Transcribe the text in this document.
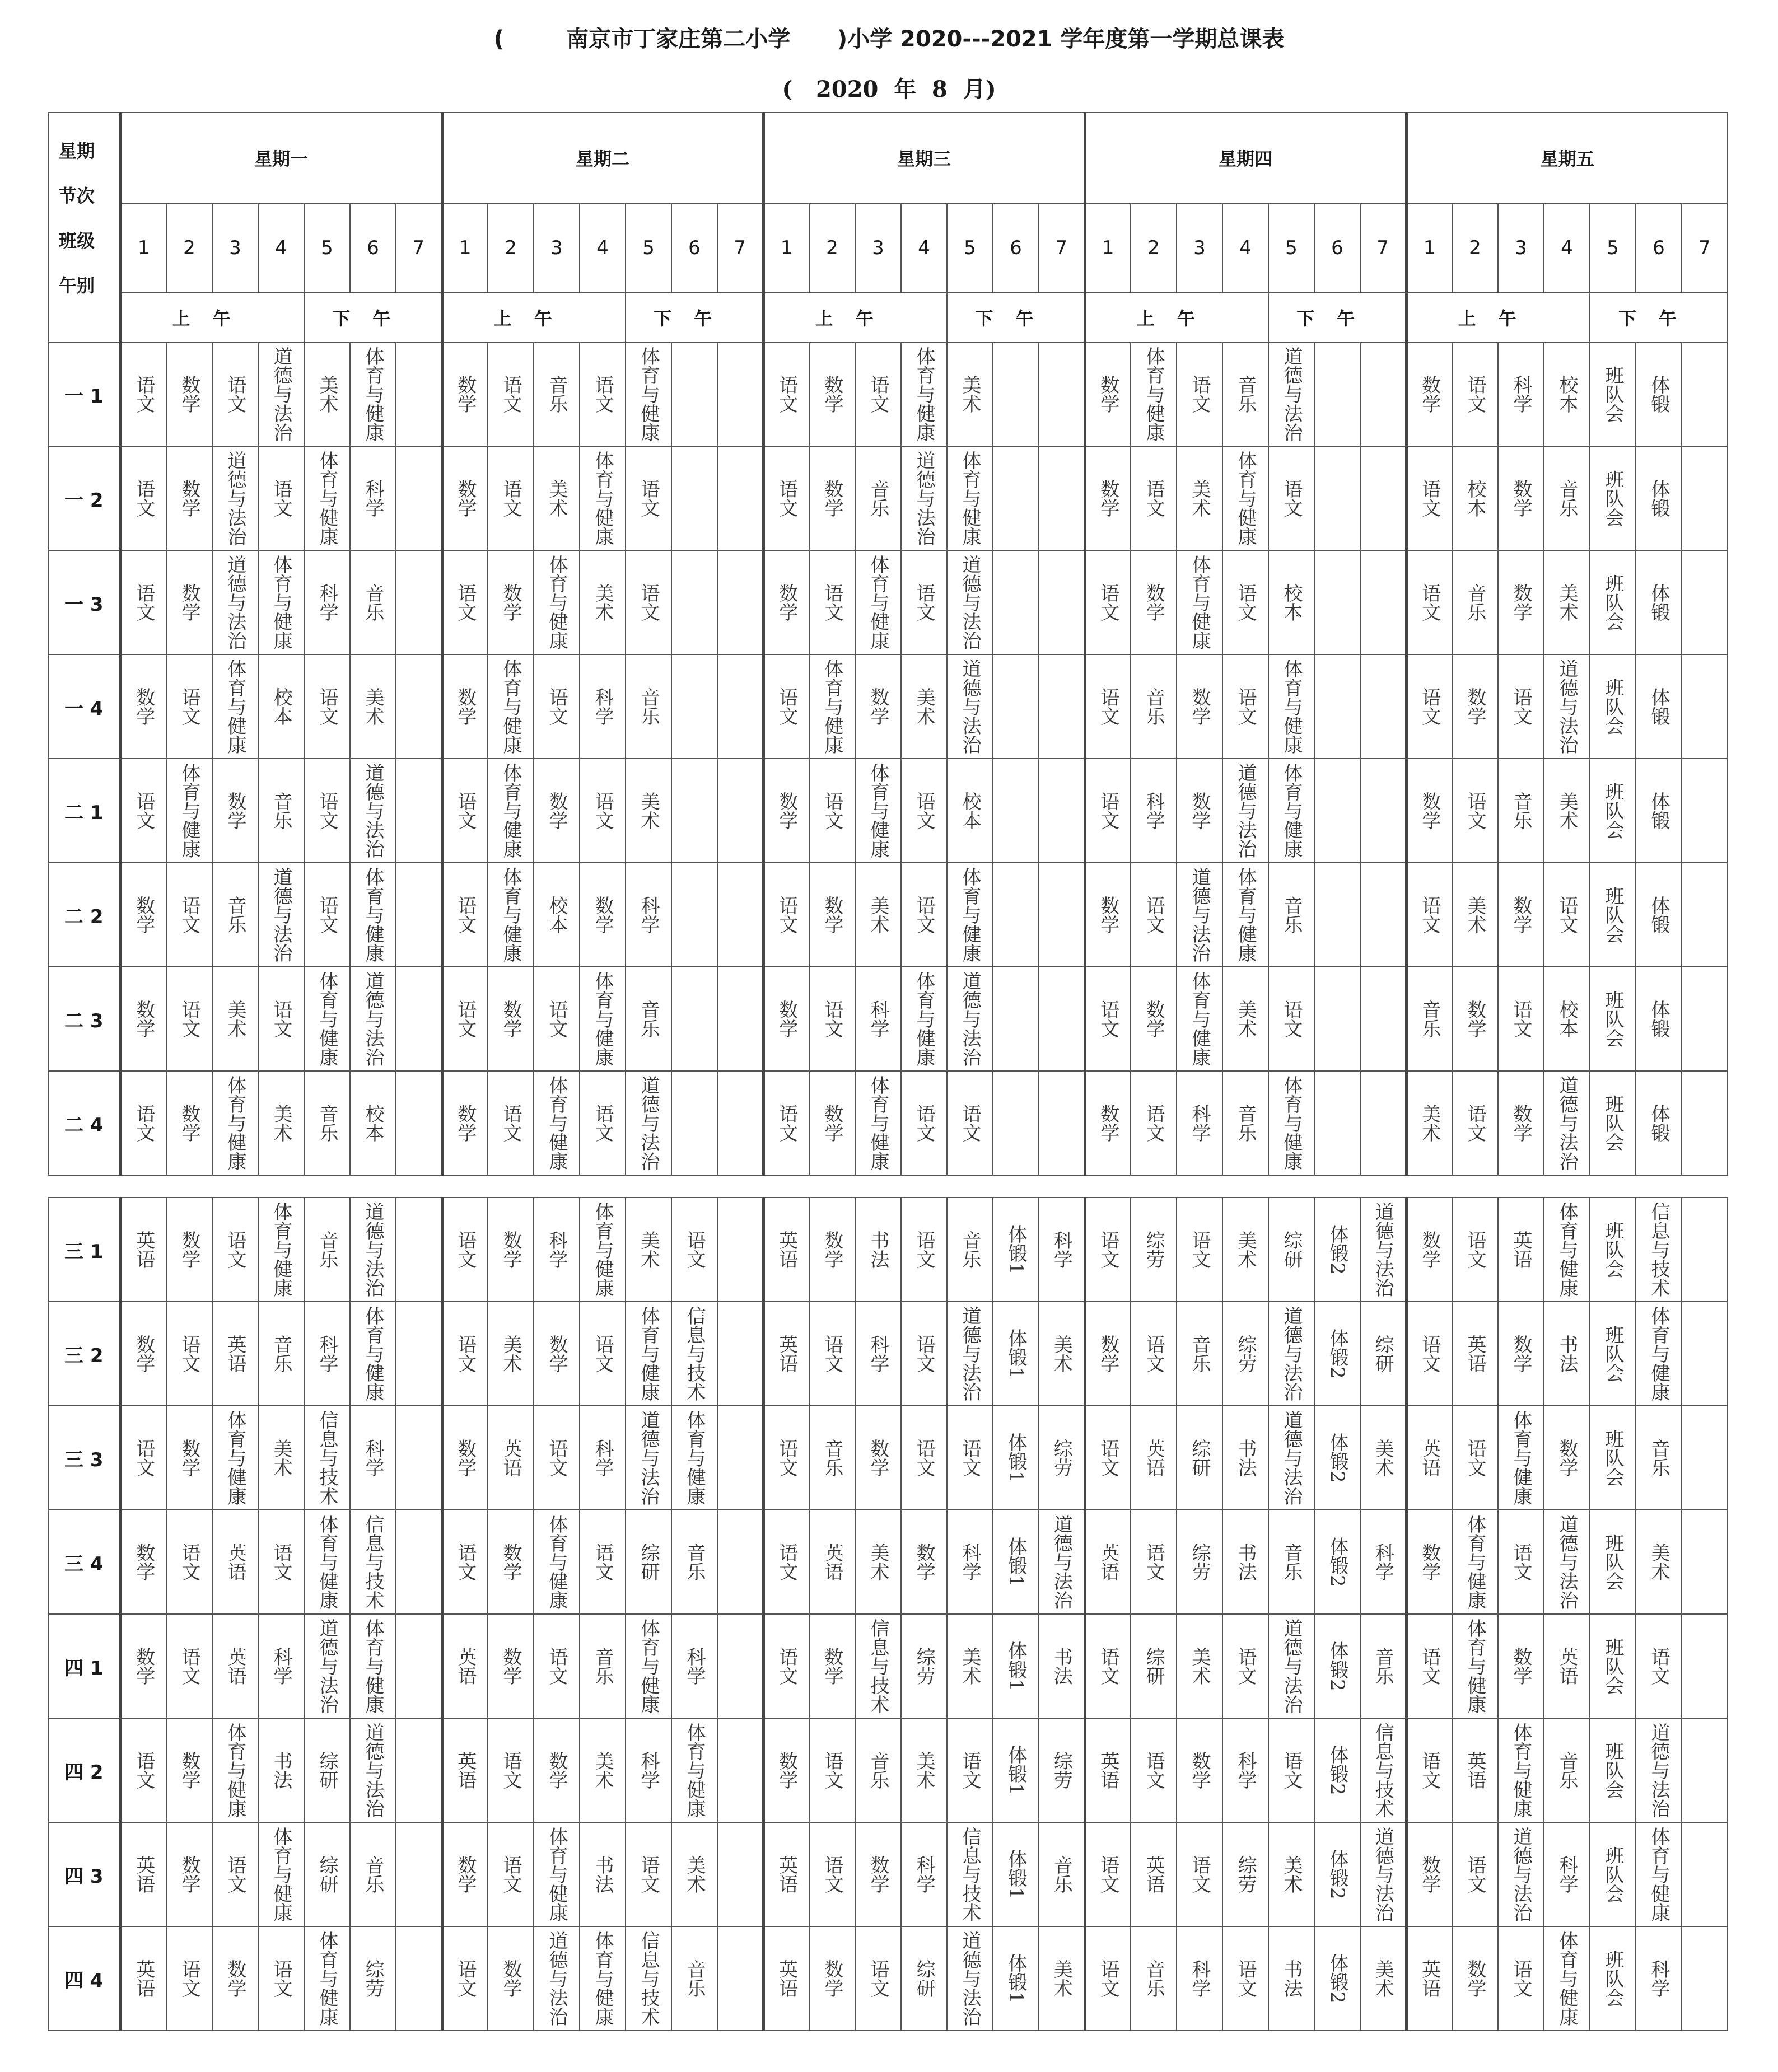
(        南京市丁家庄第二小学      )小学 2020---2021 学年度第一学期总课表
(   2020  年  8  月)
星期
节次
班级
午别	星期一							星期二							星期三							星期四							星期五						
	1	2	3	4	5	6	7	1	2	3	4	5	6	7	1	2	3	4	5	6	7	1	2	3	4	5	6	7	1	2	3	4	5	6	7
	上午				下午			上午				下午			上午				下午			上午				下午			上午				下午		
一 1	语文	数学	语文	道德与法治	美术	体育与健康		数学	语文	音乐	语文	体育与健康			语文	数学	语文	体育与健康	美术			数学	体育与健康	语文	音乐	道德与法治			数学	语文	科学	校本	班队会	体锻	

一 2	语文	数学	道德与法治	语文	体育与健康	科学		数学	语文	美术	体育与健康	语文			语文	数学	音乐	道德与法治	体育与健康			数学	语文	美术	体育与健康	语文			语文	校本	数学	音乐	班队会	体锻	

一 3	语文	数学	道德与法治	体育与健康	科学	音乐		语文	数学	体育与健康	美术	语文			数学	语文	体育与健康	语文	道德与法治			语文	数学	体育与健康	语文	校本			语文	音乐	数学	美术	班队会	体锻	

一 4	数学	语文	体育与健康	校本	语文	美术		数学	体育与健康	语文	科学	音乐			语文	体育与健康	数学	美术	道德与法治			语文	音乐	数学	语文	体育与健康			语文	数学	语文	道德与法治	班队会	体锻	

二 1	语文	体育与健康	数学	音乐	语文	道德与法治		语文	体育与健康	数学	语文	美术			数学	语文	体育与健康	语文	校本			语文	科学	数学	道德与法治	体育与健康			数学	语文	音乐	美术	班队会	体锻	

二 2	数学	语文	音乐	道德与法治	语文	体育与健康		语文	体育与健康	校本	数学	科学			语文	数学	美术	语文	体育与健康			数学	语文	道德与法治	体育与健康	音乐			语文	美术	数学	语文	班队会	体锻	

二 3	数学	语文	美术	语文	体育与健康	道德与法治		语文	数学	语文	体育与健康	音乐			数学	语文	科学	体育与健康	道德与法治			语文	数学	体育与健康	美术	语文			音乐	数学	语文	校本	班队会	体锻	

二 4	语文	数学	体育与健康	美术	音乐	校本		数学	语文	体育与健康	语文	道德与法治			语文	数学	体育与健康	语文	语文			数学	语文	科学	音乐	体育与健康			美术	语文	数学	道德与法治	班队会	体锻	

三 1	英语	数学	语文	体育与健康	音乐	道德与法治		语文	数学	科学	体育与健康	美术	语文		英语	数学	书法	语文	音乐	体锻1	科学	语文	综劳	语文	美术	综研	体锻2	道德与法治	数学	语文	英语	体育与健康	班队会	信息与技术	

三 2	数学	语文	英语	音乐	科学	体育与健康		语文	美术	数学	语文	体育与健康	信息与技术		英语	语文	科学	语文	道德与法治	体锻1	美术	数学	语文	音乐	综劳	道德与法治	体锻2	综研	语文	英语	数学	书法	班队会	体育与健康	

三 3	语文	数学	体育与健康	美术	信息与技术	科学		数学	英语	语文	科学	道德与法治	体育与健康		语文	音乐	数学	语文	语文	体锻1	综劳	语文	英语	综研	书法	道德与法治	体锻2	美术	英语	语文	体育与健康	数学	班队会	音乐	

三 4	数学	语文	英语	语文	体育与健康	信息与技术		语文	数学	体育与健康	语文	综研	音乐		语文	英语	美术	数学	科学	体锻1	道德与法治	英语	语文	综劳	书法	音乐	体锻2	科学	数学	体育与健康	语文	道德与法治	班队会	美术	

四 1	数学	语文	英语	科学	道德与法治	体育与健康		英语	数学	语文	音乐	体育与健康	科学		语文	数学	信息与技术	综劳	美术	体锻1	书法	语文	综研	美术	语文	道德与法治	体锻2	音乐	语文	体育与健康	数学	英语	班队会	语文	

四 2	语文	数学	体育与健康	书法	综研	道德与法治		英语	语文	数学	美术	科学	体育与健康		数学	语文	音乐	美术	语文	体锻1	综劳	英语	语文	数学	科学	语文	体锻2	信息与技术	语文	英语	体育与健康	音乐	班队会	道德与法治	

四 3	英语	数学	语文	体育与健康	综研	音乐		数学	语文	体育与健康	书法	语文	美术		英语	语文	数学	科学	信息与技术	体锻1	音乐	语文	英语	语文	综劳	美术	体锻2	道德与法治	数学	语文	道德与法治	科学	班队会	体育与健康	

四 4	英语	语文	数学	语文	体育与健康	综劳		语文	数学	道德与法治	体育与健康	信息与技术	音乐		英语	数学	语文	综研	道德与法治	体锻1	美术	语文	音乐	科学	语文	书法	体锻2	美术	英语	数学	语文	体育与健康	班队会	科学	
